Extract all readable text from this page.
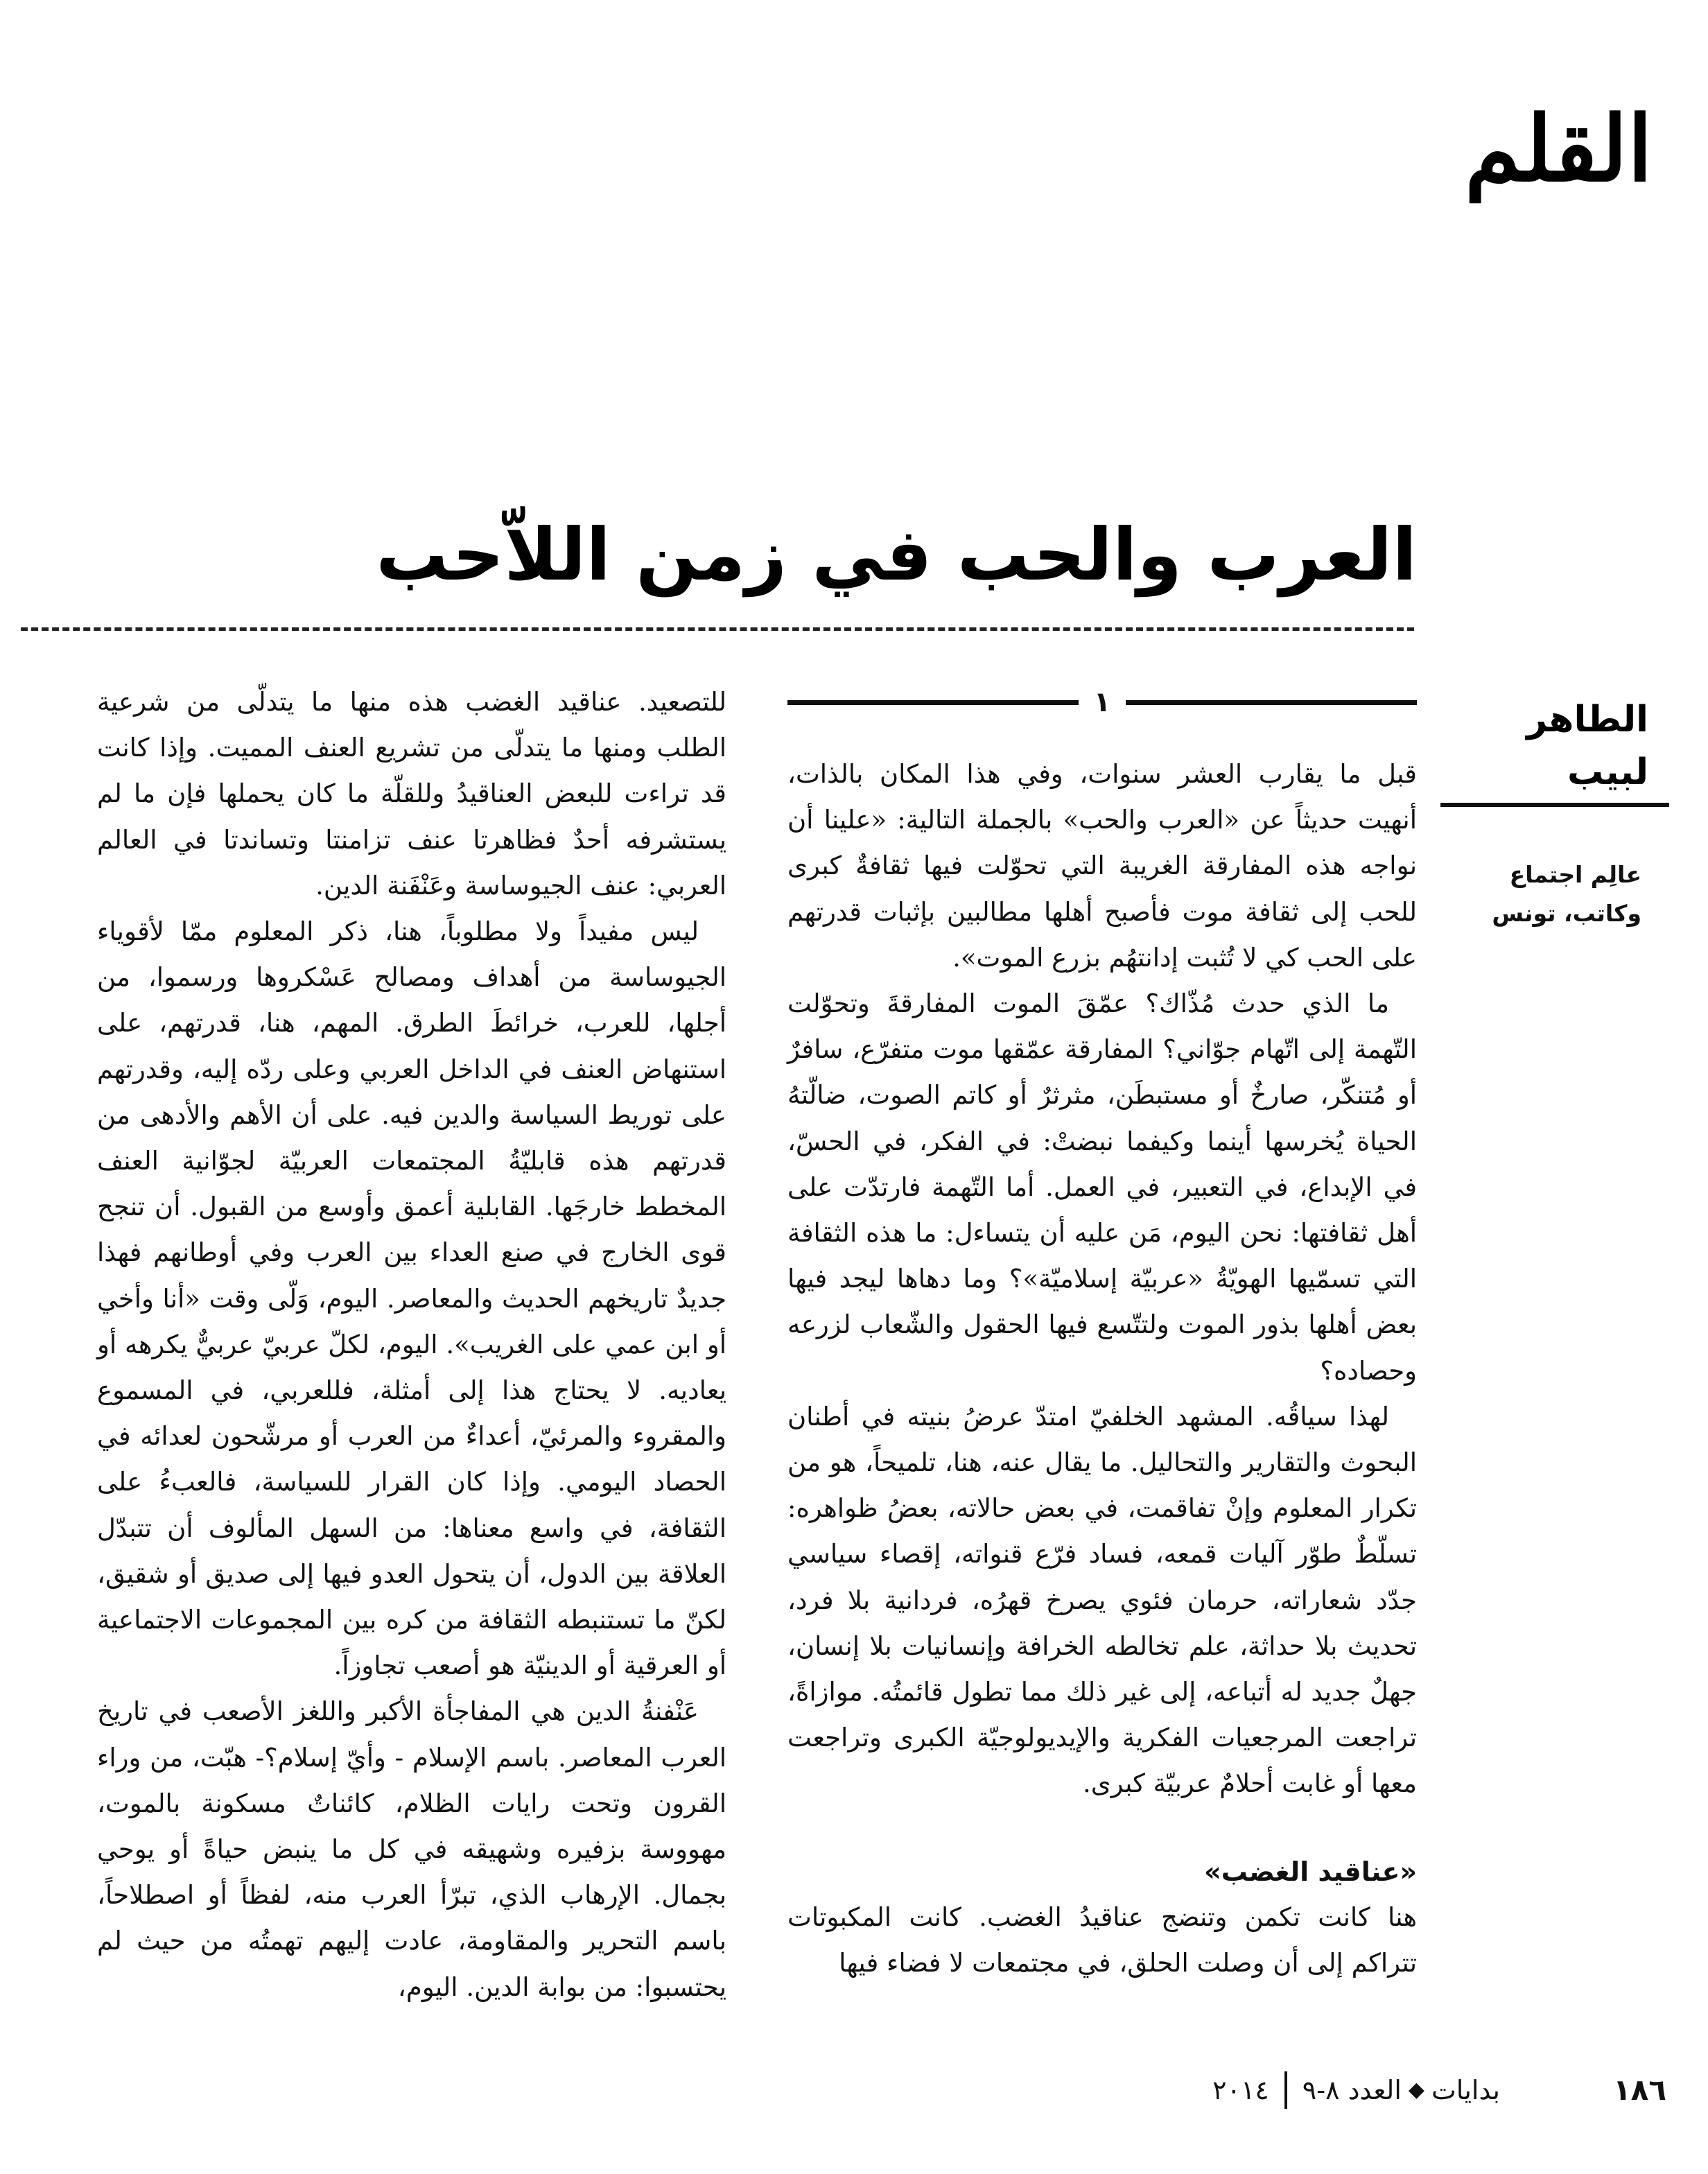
القلم
العرب والحب في زمن اللاّحب
الطاهر لبيب
عالِم اجتماع
وكاتب، تونس
١

قبل ما يقارب العشر سنوات، وفي هذا المكان بالذات، أنهيت حديثاً عن «العرب والحب» بالجملة التالية: «علينا أن نواجه هذه المفارقة الغريبة التي تحوّلت فيها ثقافةٌ كبرى للحب إلى ثقافة موت فأصبح أهلها مطالبين بإثبات قدرتهم على الحب كي لا تُثبت إدانتهُم بزرع الموت».

ما الذي حدث مُذّاك؟ عمّقَ الموت المفارقةَ وتحوّلت التّهمة إلى اتّهام جوّاني؟ المفارقة عمّقها موت متفرّع، سافرٌ أو مُتنكّر، صارخٌ أو مستبطَن، مثرثرٌ أو كاتم الصوت، ضالّتهُ الحياة يُخرسها أينما وكيفما نبضتْ: في الفكر، في الحسّ، في الإبداع، في التعبير، في العمل. أما التّهمة فارتدّت على أهل ثقافتها: نحن اليوم، مَن عليه أن يتساءل: ما هذه الثقافة التي تسمّيها الهويّةُ «عربيّة إسلاميّة»؟ وما دهاها ليجد فيها بعض أهلها بذور الموت ولتتّسع فيها الحقول والشّعاب لزرعه وحصاده؟

لهذا سياقُه. المشهد الخلفيّ امتدّ عرضُ بنيته في أطنان البحوث والتقارير والتحاليل. ما يقال عنه، هنا، تلميحاً، هو من تكرار المعلوم وإنْ تفاقمت، في بعض حالاته، بعضُ ظواهره: تسلّطٌ طوّر آليات قمعه، فساد فرّع قنواته، إقصاء سياسي جدّد شعاراته، حرمان فئوي يصرخ قهرُه، فردانية بلا فرد، تحديث بلا حداثة، علم تخالطه الخرافة وإنسانيات بلا إنسان، جهلٌ جديد له أتباعه، إلى غير ذلك مما تطول قائمتُه. موازاةً، تراجعت المرجعيات الفكرية والإيديولوجيّة الكبرى وتراجعت معها أو غابت أحلامٌ عربيّة كبرى.

«عناقيد الغضب»

هنا كانت تكمن وتنضج عناقيدُ الغضب. كانت المكبوتات تتراكم إلى أن وصلت الحلق، في مجتمعات لا فضاء فيها

للتصعيد. عناقيد الغضب هذه منها ما يتدلّى من شرعية الطلب ومنها ما يتدلّى من تشريع العنف المميت. وإذا كانت قد تراءت للبعض العناقيدُ وللقلّة ما كان يحملها فإن ما لم يستشرفه أحدٌ فظاهرتا عنف تزامنتا وتساندتا في العالم العربي: عنف الجيوساسة وعَنْفَنة الدين.

ليس مفيداً ولا مطلوباً، هنا، ذكر المعلوم ممّا لأقوياء الجيوساسة من أهداف ومصالح عَسْكروها ورسموا، من أجلها، للعرب، خرائطَ الطرق. المهم، هنا، قدرتهم، على استنهاض العنف في الداخل العربي وعلى ردّه إليه، وقدرتهم على توريط السياسة والدين فيه. على أن الأهم والأدهى من قدرتهم هذه قابليّةُ المجتمعات العربيّة لجوّانية العنف المخطط خارجَها. القابلية أعمق وأوسع من القبول. أن تنجح قوى الخارج في صنع العداء بين العرب وفي أوطانهم فهذا جديدٌ تاريخهم الحديث والمعاصر. اليوم، وَلّى وقت «أنا وأخي أو ابن عمي على الغريب». اليوم، لكلّ عربيّ عربيٌّ يكرهه أو يعاديه. لا يحتاج هذا إلى أمثلة، فللعربي، في المسموع والمقروء والمرئيّ، أعداءٌ من العرب أو مرشّحون لعدائه في الحصاد اليومي. وإذا كان القرار للسياسة، فالعبءُ على الثقافة، في واسع معناها: من السهل المألوف أن تتبدّل العلاقة بين الدول، أن يتحول العدو فيها إلى صديق أو شقيق، لكنّ ما تستنبطه الثقافة من كره بين المجموعات الاجتماعية أو العرقية أو الدينيّة هو أصعب تجاوزاً.

عَنْفنةُ الدين هي المفاجأة الأكبر واللغز الأصعب في تاريخ العرب المعاصر. باسم الإسلام - وأيّ إسلام؟- هبّت، من وراء القرون وتحت رايات الظلام، كائناتٌ مسكونة بالموت، مهووسة بزفيره وشهيقه في كل ما ينبض حياةً أو يوحي بجمال. الإرهاب الذي، تبرّأ العرب منه، لفظاً أو اصطلاحاً، باسم التحرير والمقاومة، عادت إليهم تهمتُه من حيث لم يحتسبوا: من بوابة الدين. اليوم،

١٨٦
بدايات
◆
العدد ٨-٩
٢٠١٤
